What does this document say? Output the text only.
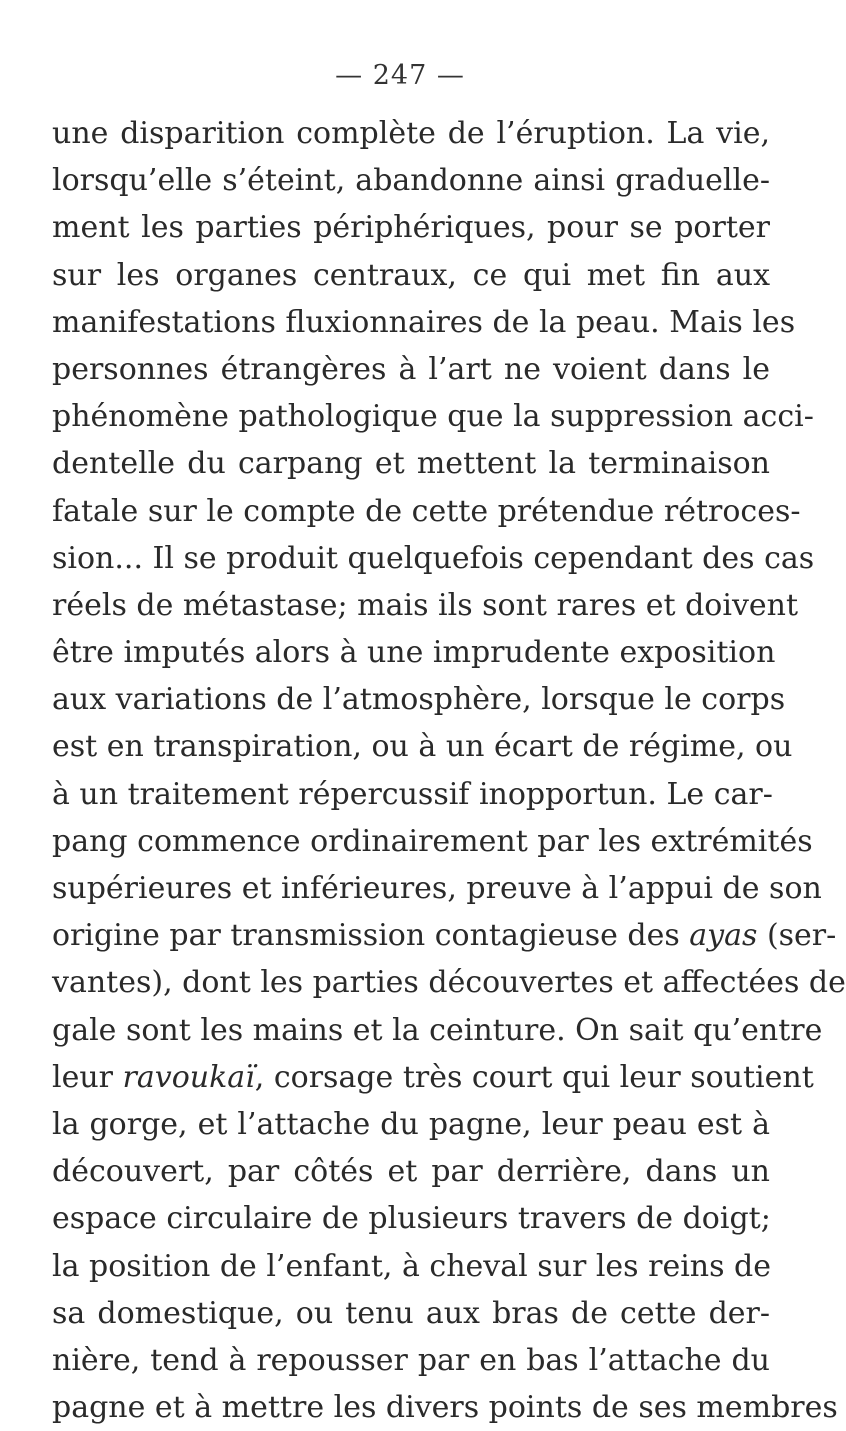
— 247 —
une disparition complète de l’éruption. La vie,
lorsqu’elle s’éteint, abandonne ainsi graduelle-
ment les parties périphériques, pour se porter
sur les organes centraux, ce qui met fin aux
manifestations fluxionnaires de la peau. Mais les
personnes étrangères à l’art ne voient dans le
phénomène pathologique que la suppression acci-
dentelle du carpang et mettent la terminaison
fatale sur le compte de cette prétendue rétroces-
sion... Il se produit quelquefois cependant des cas
réels de métastase; mais ils sont rares et doivent
être imputés alors à une imprudente exposition
aux variations de l’atmosphère, lorsque le corps
est en transpiration, ou à un écart de régime, ou
à un traitement répercussif inopportun. Le car-
pang commence ordinairement par les extrémités
supérieures et inférieures, preuve à l’appui de son
origine par transmission contagieuse des ayas (ser-
vantes), dont les parties découvertes et affectées de
gale sont les mains et la ceinture. On sait qu’entre
leur ravoukaï, corsage très court qui leur soutient
la gorge, et l’attache du pagne, leur peau est à
découvert, par côtés et par derrière, dans un
espace circulaire de plusieurs travers de doigt;
la position de l’enfant, à cheval sur les reins de
sa domestique, ou tenu aux bras de cette der-
nière, tend à repousser par en bas l’attache du
pagne et à mettre les divers points de ses membres
